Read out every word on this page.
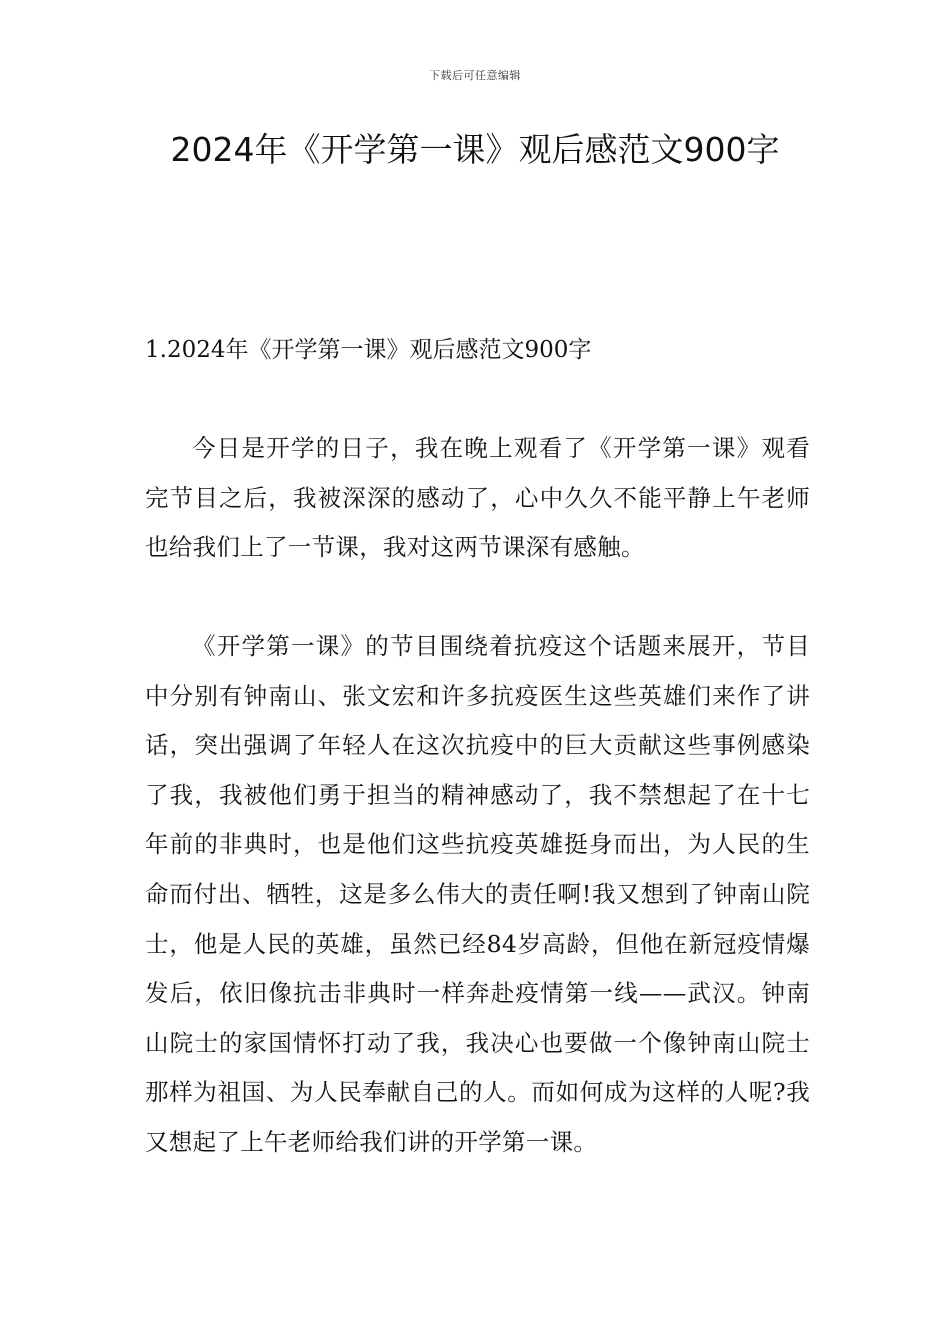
下载后可任意编辑
2024年《开学第一课》观后感范文900字

1.2024年《开学第一课》观后感范文900字

今日是开学的日子，我在晚上观看了《开学第一课》观看完节目之后，我被深深的感动了，心中久久不能平静上午老师也给我们上了一节课，我对这两节课深有感触。

《开学第一课》的节目围绕着抗疫这个话题来展开，节目中分别有钟南山、张文宏和许多抗疫医生这些英雄们来作了讲话，突出强调了年轻人在这次抗疫中的巨大贡献这些事例感染了我，我被他们勇于担当的精神感动了，我不禁想起了在十七年前的非典时，也是他们这些抗疫英雄挺身而出，为人民的生命而付出、牺牲，这是多么伟大的责任啊!我又想到了钟南山院士，他是人民的英雄，虽然已经84岁高龄，但他在新冠疫情爆发后，依旧像抗击非典时一样奔赴疫情第一线——武汉。钟南山院士的家国情怀打动了我，我决心也要做一个像钟南山院士那样为祖国、为人民奉献自己的人。而如何成为这样的人呢?我又想起了上午老师给我们讲的开学第一课。
